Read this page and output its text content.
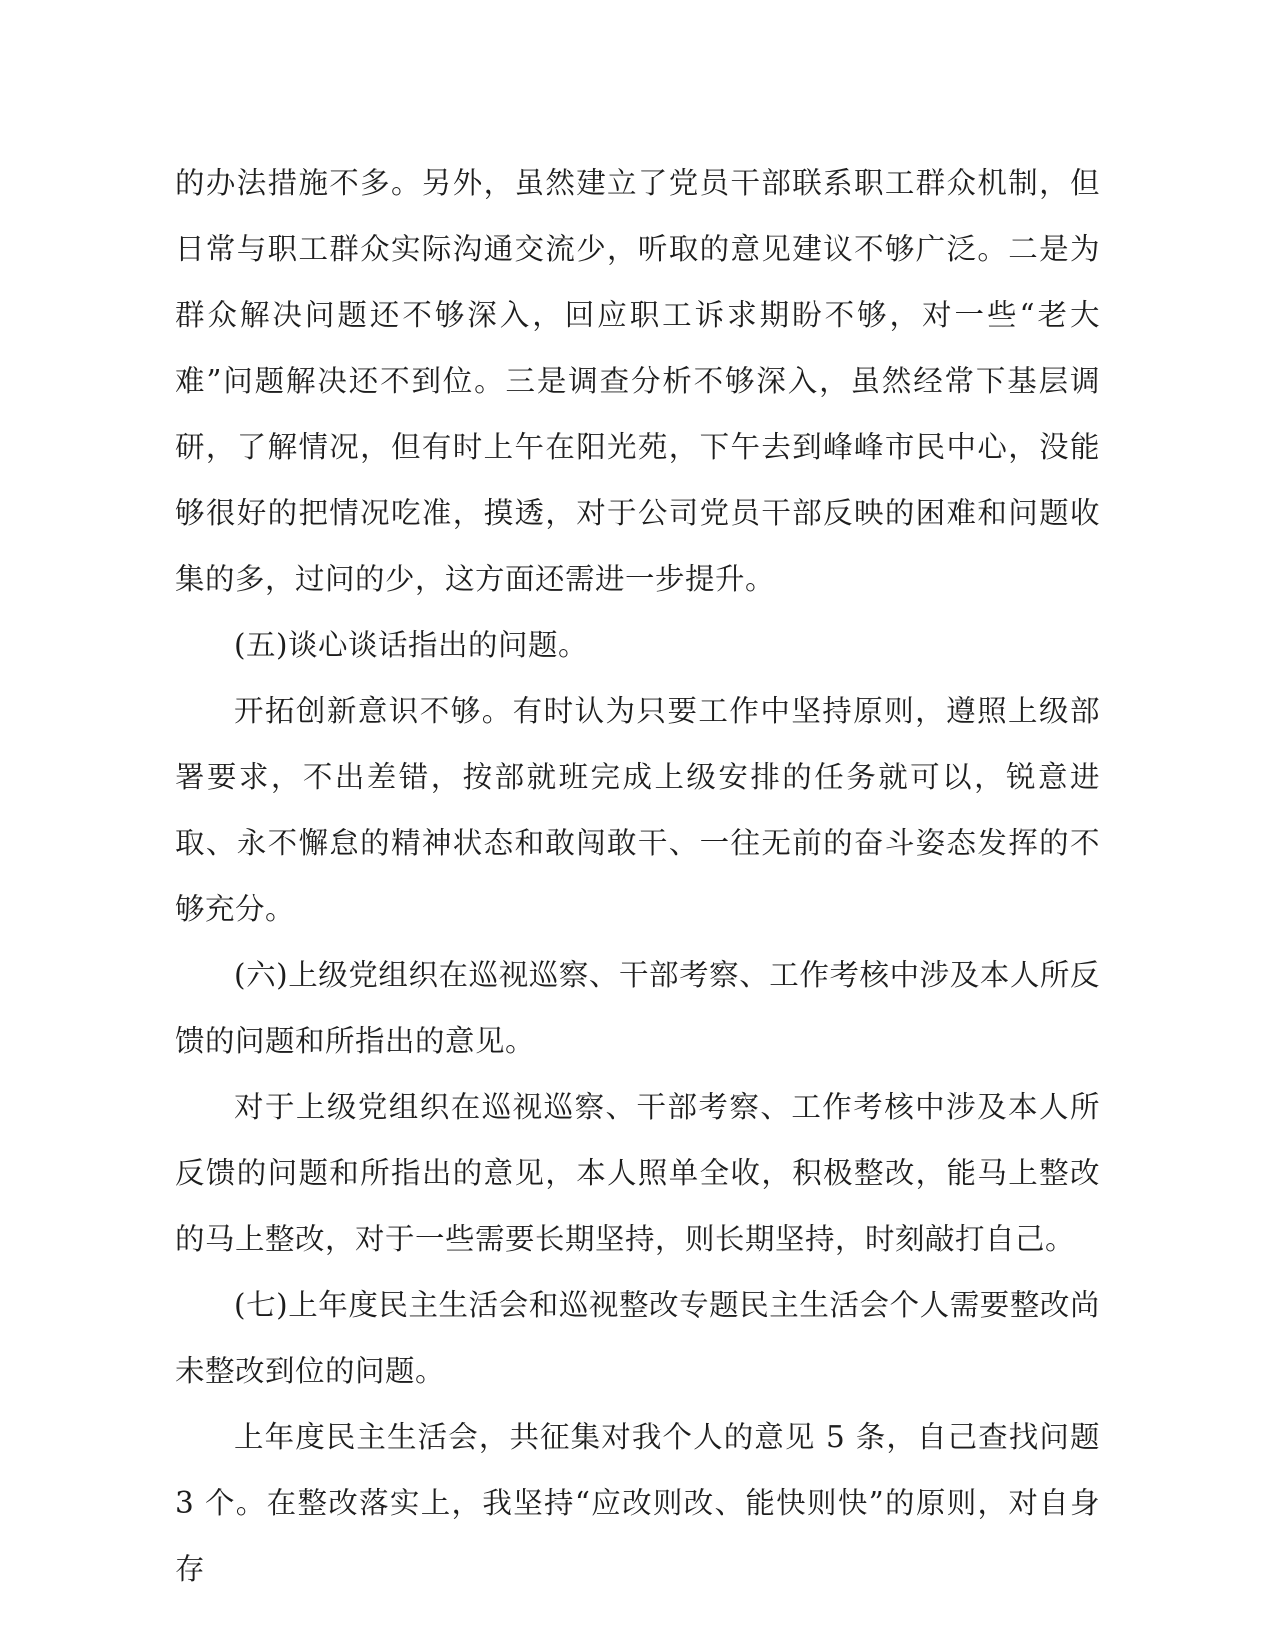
的办法措施不多。另外，虽然建立了党员干部联系职工群众机制，但日常与职工群众实际沟通交流少，听取的意见建议不够广泛。二是为群众解决问题还不够深入，回应职工诉求期盼不够，对一些“老大难”问题解决还不到位。三是调查分析不够深入，虽然经常下基层调研，了解情况，但有时上午在阳光苑，下午去到峰峰市民中心，没能够很好的把情况吃准，摸透，对于公司党员干部反映的困难和问题收集的多，过问的少，这方面还需进一步提升。

(五)谈心谈话指出的问题。

开拓创新意识不够。有时认为只要工作中坚持原则，遵照上级部署要求，不出差错，按部就班完成上级安排的任务就可以，锐意进取、永不懈怠的精神状态和敢闯敢干、一往无前的奋斗姿态发挥的不够充分。

(六)上级党组织在巡视巡察、干部考察、工作考核中涉及本人所反馈的问题和所指出的意见。

对于上级党组织在巡视巡察、干部考察、工作考核中涉及本人所反馈的问题和所指出的意见，本人照单全收，积极整改，能马上整改的马上整改，对于一些需要长期坚持，则长期坚持，时刻敲打自己。

(七)上年度民主生活会和巡视整改专题民主生活会个人需要整改尚未整改到位的问题。

上年度民主生活会，共征集对我个人的意见 5 条，自己查找问题 3 个。在整改落实上，我坚持“应改则改、能快则快”的原则，对自身存
